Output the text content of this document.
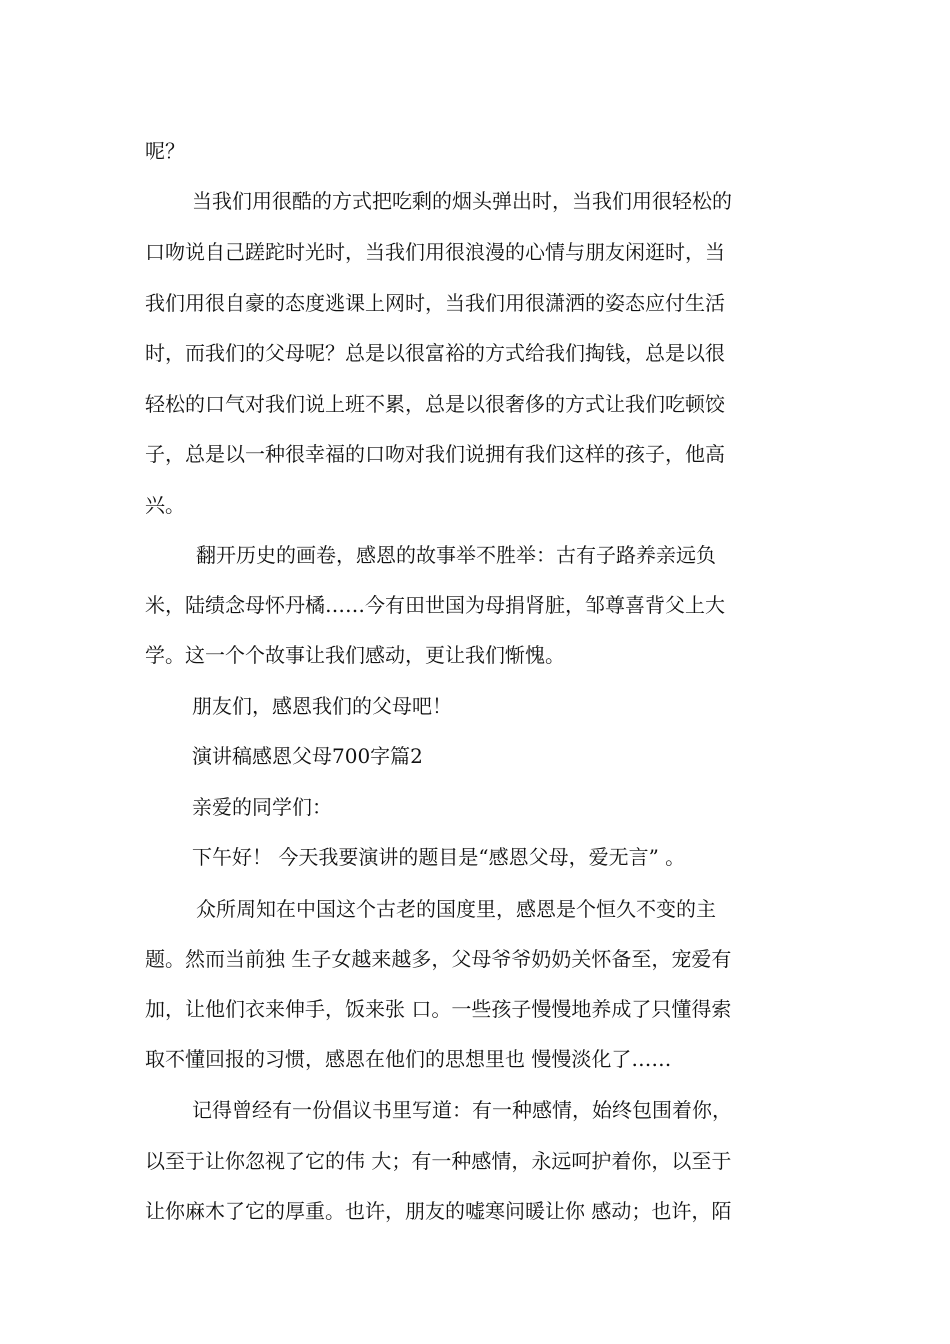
呢？
当我们用很酷的方式把吃剩的烟头弹出时，当我们用很轻松的
口吻说自己蹉跎时光时，当我们用很浪漫的心情与朋友闲逛时，当
我们用很自豪的态度逃课上网时，当我们用很潇洒的姿态应付生活
时，而我们的父母呢？总是以很富裕的方式给我们掏钱，总是以很
轻松的口气对我们说上班不累，总是以很奢侈的方式让我们吃顿饺
子，总是以一种很幸福的口吻对我们说拥有我们这样的孩子，他高
兴。
翻开历史的画卷，感恩的故事举不胜举：古有子路养亲远负
米，陆绩念母怀丹橘……今有田世国为母捐肾脏，邹尊喜背父上大
学。这一个个故事让我们感动，更让我们惭愧。
朋友们，感恩我们的父母吧！
演讲稿感恩父母700字篇2
亲爱的同学们：
下午好！ 今天我要演讲的题目是“感恩父母，爱无言” 。
众所周知在中国这个古老的国度里，感恩是个恒久不变的主
题。然而当前独 生子女越来越多，父母爷爷奶奶关怀备至，宠爱有
加，让他们衣来伸手，饭来张 口。一些孩子慢慢地养成了只懂得索
取不懂回报的习惯，感恩在他们的思想里也 慢慢淡化了……
记得曾经有一份倡议书里写道：有一种感情，始终包围着你，
以至于让你忽视了它的伟 大；有一种感情，永远呵护着你，以至于
让你麻木了它的厚重。也许，朋友的嘘寒问暖让你 感动；也许，陌
